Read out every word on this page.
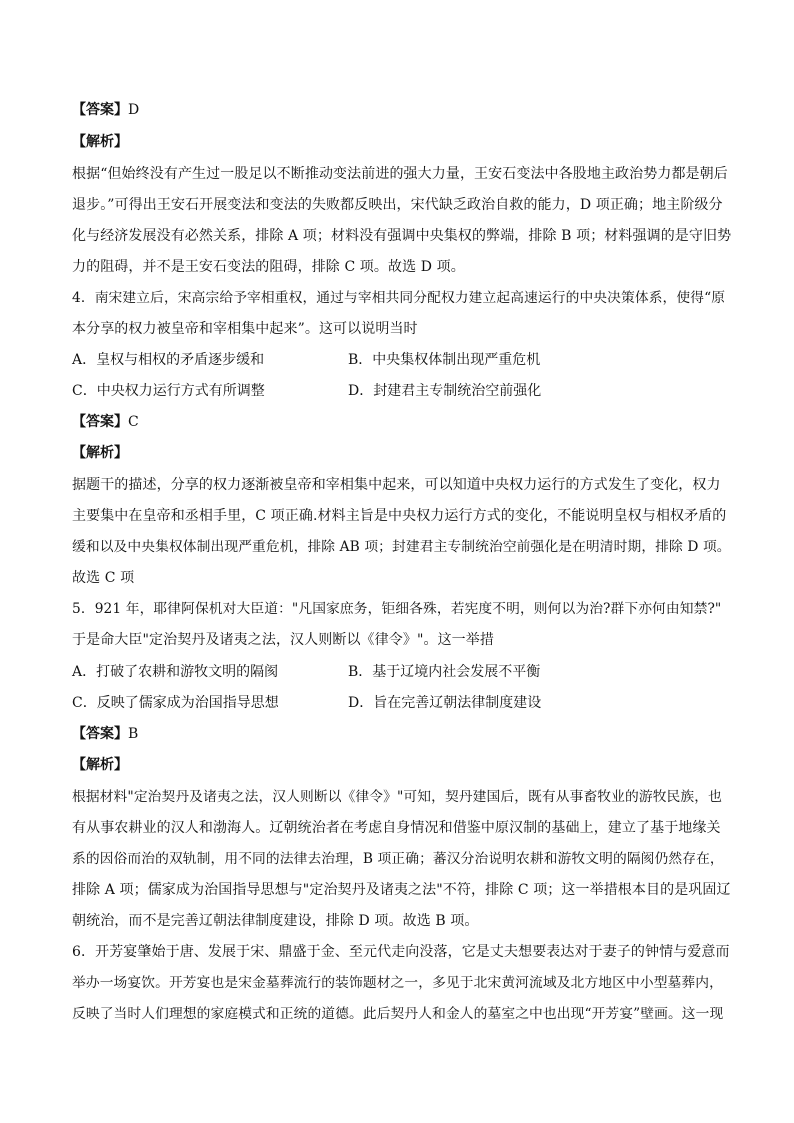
【答案】D
【解析】
根据“但始终没有产生过一股足以不断推动变法前进的强大力量，王安石变法中各股地主政治势力都是朝后
退步。”可得出王安石开展变法和变法的失败都反映出，宋代缺乏政治自救的能力，D 项正确；地主阶级分
化与经济发展没有必然关系，排除 A 项；材料没有强调中央集权的弊端，排除 B 项；材料强调的是守旧势
力的阻碍，并不是王安石变法的阻碍，排除 C 项。故选 D 项。
4．南宋建立后，宋高宗给予宰相重权，通过与宰相共同分配权力建立起高速运行的中央决策体系，使得“原
本分享的权力被皇帝和宰相集中起来”。这可以说明当时
A．皇权与相权的矛盾逐步缓和	B．中央集权体制出现严重危机
C．中央权力运行方式有所调整	D．封建君主专制统治空前强化
【答案】C
【解析】
据题干的描述，分享的权力逐渐被皇帝和宰相集中起来，可以知道中央权力运行的方式发生了变化，权力
主要集中在皇帝和丞相手里，C 项正确.材料主旨是中央权力运行方式的变化，不能说明皇权与相权矛盾的
缓和以及中央集权体制出现严重危机，排除 AB 项；封建君主专制统治空前强化是在明清时期，排除 D 项。
故选 C 项
5．921 年，耶律阿保机对大臣道："凡国家庶务，钜细各殊，若宪度不明，则何以为治?群下亦何由知禁?"
于是命大臣"定治契丹及诸夷之法，汉人则断以《律令》"。这一举措
A．打破了农耕和游牧文明的隔阂	B．基于辽境内社会发展不平衡
C．反映了儒家成为治国指导思想	D．旨在完善辽朝法律制度建设
【答案】B
【解析】
根据材料"定治契丹及诸夷之法，汉人则断以《律令》"可知，契丹建国后，既有从事畜牧业的游牧民族，也
有从事农耕业的汉人和渤海人。辽朝统治者在考虑自身情况和借鉴中原汉制的基础上，建立了基于地缘关
系的因俗而治的双轨制，用不同的法律去治理，B 项正确；蕃汉分治说明农耕和游牧文明的隔阂仍然存在，
排除 A 项；儒家成为治国指导思想与"定治契丹及诸夷之法"不符，排除 C 项；这一举措根本目的是巩固辽
朝统治，而不是完善辽朝法律制度建设，排除 D 项。故选 B 项。
6．开芳宴肇始于唐、发展于宋、鼎盛于金、至元代走向没落，它是丈夫想要表达对于妻子的钟情与爱意而
举办一场宴饮。开芳宴也是宋金墓葬流行的装饰题材之一，多见于北宋黄河流域及北方地区中小型墓葬内，
反映了当时人们理想的家庭模式和正统的道德。此后契丹人和金人的墓室之中也出现“开芳宴”壁画。这一现
